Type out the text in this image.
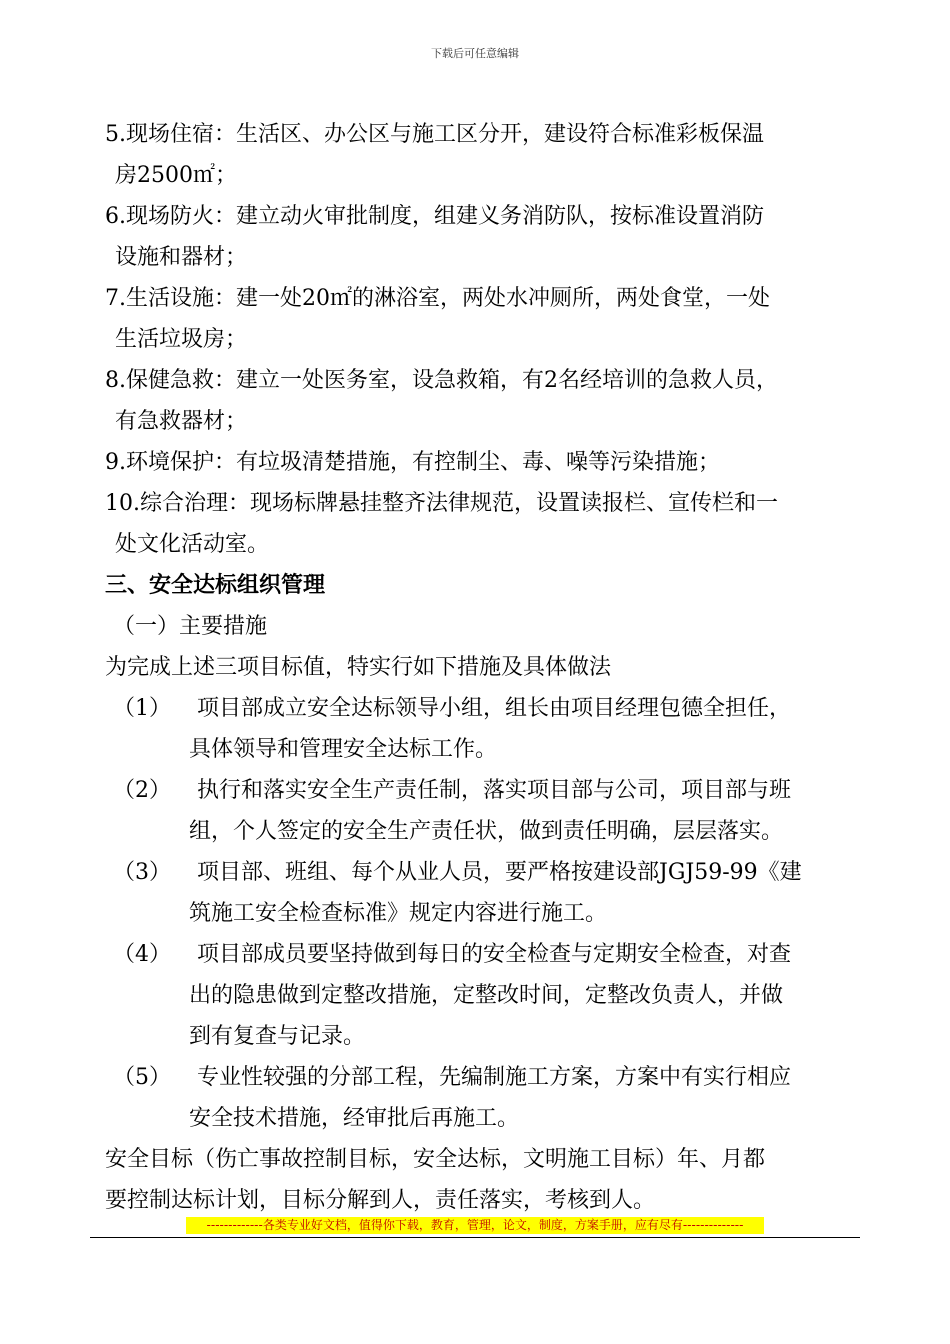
下载后可任意编辑
5.现场住宿：生活区、办公区与施工区分开，建设符合标准彩板保温
房2500㎡；
6.现场防火：建立动火审批制度，组建义务消防队，按标准设置消防
设施和器材；
7.生活设施：建一处20㎡的淋浴室，两处水冲厕所，两处食堂，一处
生活垃圾房；
8.保健急救：建立一处医务室，设急救箱，有2名经培训的急救人员，
有急救器材；
9.环境保护：有垃圾清楚措施，有控制尘、毒、噪等污染措施；
10.综合治理：现场标牌悬挂整齐法律规范，设置读报栏、宣传栏和一
处文化活动室。
三、安全达标组织管理
（一）主要措施
为完成上述三项目标值，特实行如下措施及具体做法
（1）	项目部成立安全达标领导小组，组长由项目经理包德全担任，
具体领导和管理安全达标工作。
（2）	执行和落实安全生产责任制，落实项目部与公司，项目部与班
组，个人签定的安全生产责任状，做到责任明确，层层落实。
（3）	项目部、班组、每个从业人员，要严格按建设部JGJ59-99《建
筑施工安全检查标准》规定内容进行施工。
（4）	项目部成员要坚持做到每日的安全检查与定期安全检查，对查
出的隐患做到定整改措施，定整改时间，定整改负责人，并做
到有复查与记录。
（5）	专业性较强的分部工程，先编制施工方案，方案中有实行相应
安全技术措施，经审批后再施工。
安全目标（伤亡事故控制目标，安全达标，文明施工目标）年、月都
要控制达标计划，目标分解到人，责任落实，考核到人。
-------------各类专业好文档，值得你下载，教育，管理，论文，制度，方案手册，应有尽有--------------
